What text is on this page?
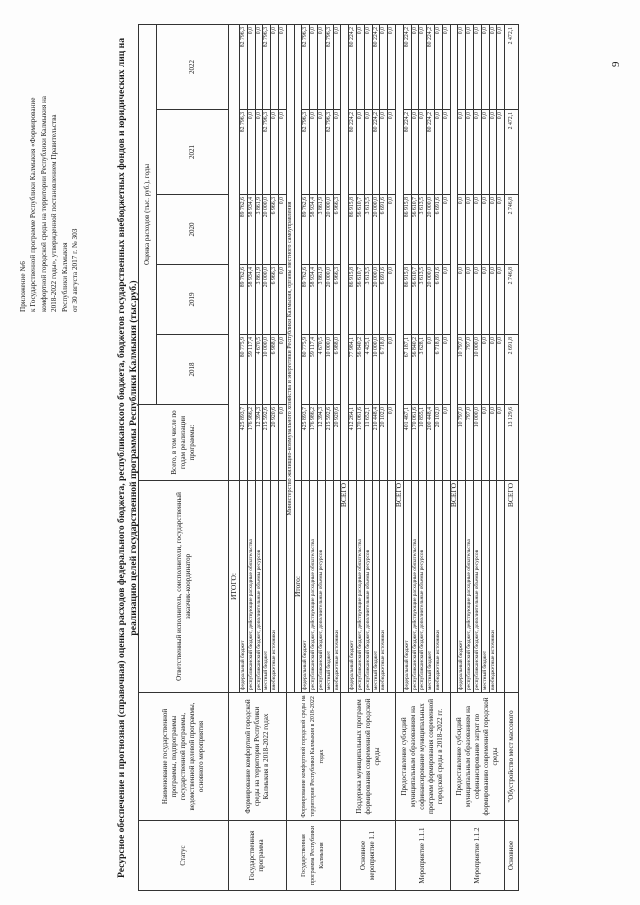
Приложение №6 к Государственной программе Республики Калмыкия «Формирование комфортной городской среды на территории Республики Калмыкия на 2018-2022 годы», утвержденной постановлением Правительства Республики Калмыкия от 30 августа 2017 г. № 303	Ресурсное обеспечение и прогнозная (справочная) оценка расходов федерального бюджета, республиканского бюджета, бюджетов государственных внебюджетных фондов и юридических лиц на реализацию целей государственной программы Республики Калмыкия (тыс.руб.)
Статус	Наименование государственной программы, подпрограммы государственной программы, ведомственной целевой программы, основного мероприятия	Ответственный исполнитель, соисполнители, государственный заказчик-координатор	Всего, в том числе по годам реализации программы:	Оценка расходов (тыс. руб.), годы				
				2018	2019	2020	2021	2022
Государственная программа	Формирование комфортной городской среды на территории Республики Калмыкия в 2018-2022 годах	ИТОГО:						
		федеральный бюджет	425 893,7	80 775,9	89 762,6	89 762,6	82 796,3	82 796,3
		республиканский бюджет, действующие расходные обязательства	176 986,2	59 117,4	58 934,4	58 934,4	0,0	0,0
		республиканский бюджет, дополнительные объемы ресурсов	12 394,3	4 670,5	3 861,9	3 861,9	0,0	0,0
		местный бюджет	215 592,6	10 000,0	20 000,0	20 000,0	82 796,3	82 796,3
		внебюджетные источники	20 920,6	6 988,0	6 966,3	6 966,3	0,0	0,0
			0,0	0,0	0,0	0,0	0,0	0,0
Государственная программа Республики Калмыкия	Формирование комфортной городской среды на территории Республики Калмыкия в 2018-2022 годах	Министерство жилищно-коммунального хозяйства и энергетики Республики Калмыкия, органы местного самоуправления						
		Итого:						
		федеральный бюджет	425 893,7	80 775,9	89 762,6	89 762,6	82 796,3	82 796,3
		республиканский бюджет, действующие расходные обязательства	176 986,2	59 117,4	58 934,4	58 934,4	0,0	0,0
		республиканский бюджет, дополнительные объемы ресурсов	12 394,3	4 670,5	3 861,9	3 861,9	0,0	0,0
		местный бюджет	215 592,6	10 000,0	20 000,0	20 000,0	82 796,3	82 796,3
		внебюджетные источники	20 920,6	6 988,0	6 966,3	6 966,3	0,0	0,0
Основное мероприятие 1.1	Поддержка муниципальных программ формирования современной городской среды	ВСЕГО						
		федеральный бюджет	412 264,1	77 984,1	86 915,8	86 915,8	80 224,2	80 224,2
		республиканский бюджет, действующие расходные обязательства	170 061,6	56 840,2	56 610,7	56 610,7	0,0	0,0
		республиканский бюджет, дополнительные объемы ресурсов	11 652,1	4 425,1	3 613,5	3 613,5	0,0	0,0
		местный бюджет	210 448,4	10 000,0	20 000,0	20 000,0	80 224,2	80 224,2
		внебюджетные источники	20 102,0	6 718,8	6 691,6	6 691,6	0,0	0,0
			0,0	0,0	0,0	0,0	0,0	0,0
Мероприятие 1.1.1	Предоставление субсидий муниципальным образованиям на софинансирование муниципальных программ формирования современной городской среды в 2018-2022 гг.	ВСЕГО						
		федеральный бюджет	401 467,1	67 187,1	86 915,8	86 915,8	80 224,2	80 224,2
		республиканский бюджет, действующие расходные обязательства	170 061,6	56 840,2	56 610,7	56 610,7	0,0	0,0
		республиканский бюджет, дополнительные объемы ресурсов	10 855,1	3 628,1	3 613,5	3 613,5	0,0	0,0
		местный бюджет	200 448,4	0,0	20 000,0	20 000,0	80 224,2	80 224,2
		внебюджетные источники	20 102,0	6 718,8	6 691,6	6 691,6	0,0	0,0
			0,0	0,0	0,0	0,0	0,0	0,0
Мероприятие 1.1.2	Предоставление субсидий муниципальным образованиям на софинансирование затрат по формированию современной городской среды	ВСЕГО						
		федеральный бюджет	10 797,0	10 797,0	0,0	0,0	0,0	0,0
		республиканский бюджет, действующие расходные обязательства	797,0	797,0	0,0	0,0	0,0	0,0
		республиканский бюджет, дополнительные объемы ресурсов	10 000,0	10 000,0	0,0	0,0	0,0	0,0
		местный бюджет	0,0	0,0	0,0	0,0	0,0	0,0
		внебюджетные источники	0,0	0,0	0,0	0,0	0,0	0,0
			0,0	0,0	0,0	0,0	0,0	0,0
Основное	"Обустройство мест массового	ВСЕГО	13 129,6	2 691,8	2 746,8	2 746,8	2 472,1	2 472,1
9
